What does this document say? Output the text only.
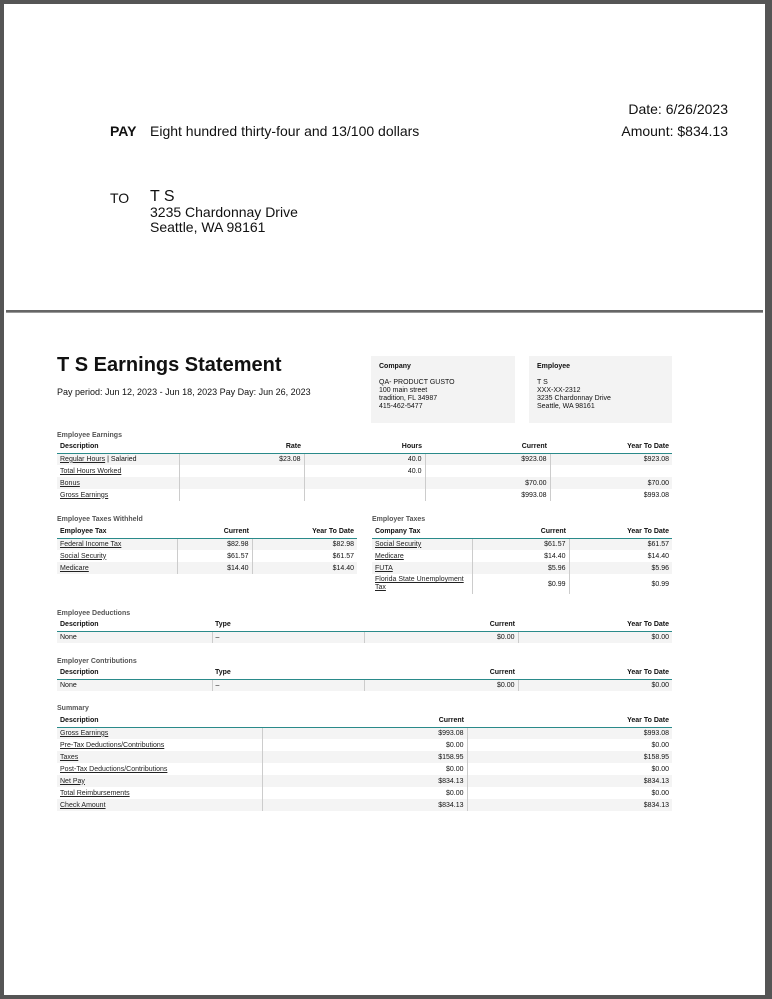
Date: 6/26/2023
Amount: $834.13
PAY Eight hundred thirty-four and 13/100 dollars
TO T S
3235 Chardonnay Drive
Seattle, WA 98161
T S Earnings Statement
Pay period: Jun 12, 2023 - Jun 18, 2023 Pay Day: Jun 26, 2023
Company
QA- PRODUCT GUSTO
100 main street
tradition, FL 34987
415-462-5477
Employee
T S
XXX-XX-2312
3235 Chardonnay Drive
Seattle, WA 98161
Employee Earnings
Description	Rate	Hours	Current	Year To Date
Regular Hours | Salaried	$23.08	40.0	$923.08	$923.08
Total Hours Worked		40.0		
Bonus			$70.00	$70.00
Gross Earnings			$993.08	$993.08
Employee Taxes Withheld
Employee Tax	Current	Year To Date
Federal Income Tax	$82.98	$82.98
Social Security	$61.57	$61.57
Medicare	$14.40	$14.40
Employer Taxes
Company Tax	Current	Year To Date
Social Security	$61.57	$61.57
Medicare	$14.40	$14.40
FUTA	$5.96	$5.96
Florida State Unemployment Tax	$0.99	$0.99
Employee Deductions
Description	Type	Current	Year To Date
None	–	$0.00	$0.00
Employer Contributions
Description	Type	Current	Year To Date
None	–	$0.00	$0.00
Summary
Description	Current	Year To Date
Gross Earnings	$993.08	$993.08
Pre-Tax Deductions/Contributions	$0.00	$0.00
Taxes	$158.95	$158.95
Post-Tax Deductions/Contributions	$0.00	$0.00
Net Pay	$834.13	$834.13
Total Reimbursements	$0.00	$0.00
Check Amount	$834.13	$834.13
